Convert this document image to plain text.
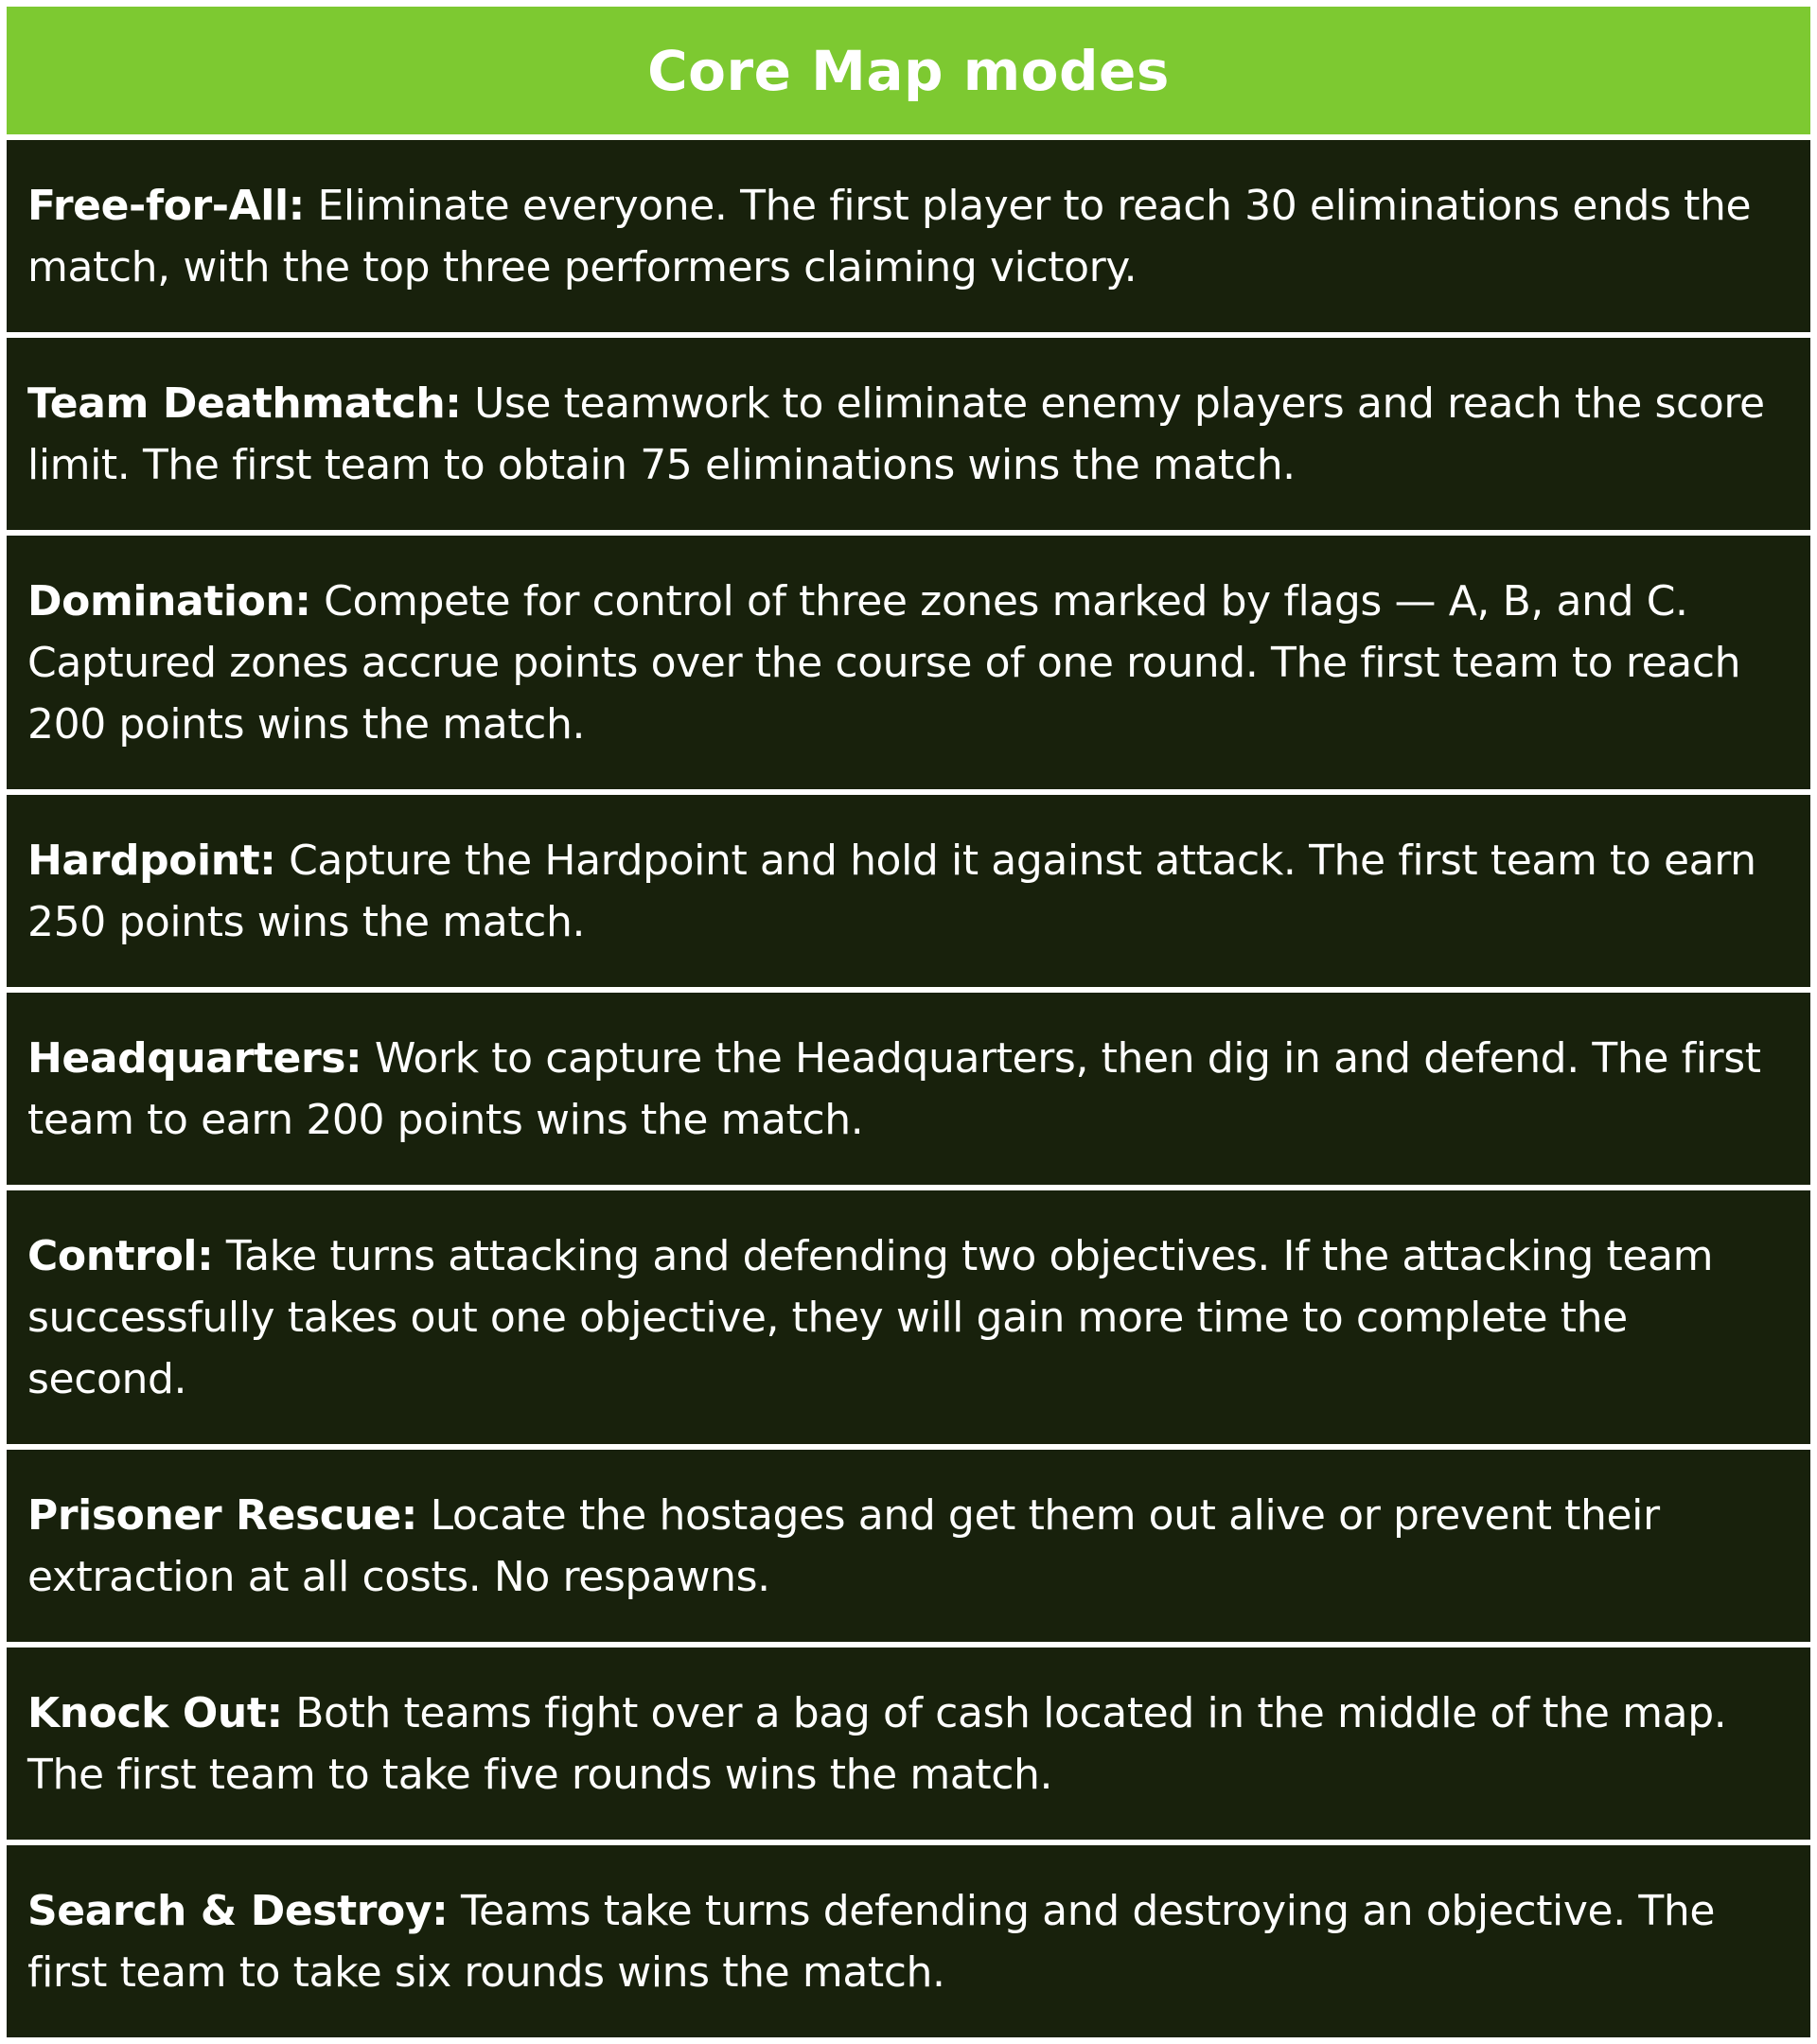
Core Map modes

Free-for-All: Eliminate everyone. The first player to reach 30 eliminations ends the match, with the top three performers claiming victory.

Team Deathmatch: Use teamwork to eliminate enemy players and reach the score limit. The first team to obtain 75 eliminations wins the match.

Domination: Compete for control of three zones marked by flags — A, B, and C. Captured zones accrue points over the course of one round. The first team to reach 200 points wins the match.

Hardpoint: Capture the Hardpoint and hold it against attack. The first team to earn 250 points wins the match.

Headquarters: Work to capture the Headquarters, then dig in and defend. The first team to earn 200 points wins the match.

Control: Take turns attacking and defending two objectives. If the attacking team successfully takes out one objective, they will gain more time to complete the second.

Prisoner Rescue: Locate the hostages and get them out alive or prevent their extraction at all costs. No respawns.

Knock Out: Both teams fight over a bag of cash located in the middle of the map. The first team to take five rounds wins the match.

Search & Destroy: Teams take turns defending and destroying an objective. The first team to take six rounds wins the match.
